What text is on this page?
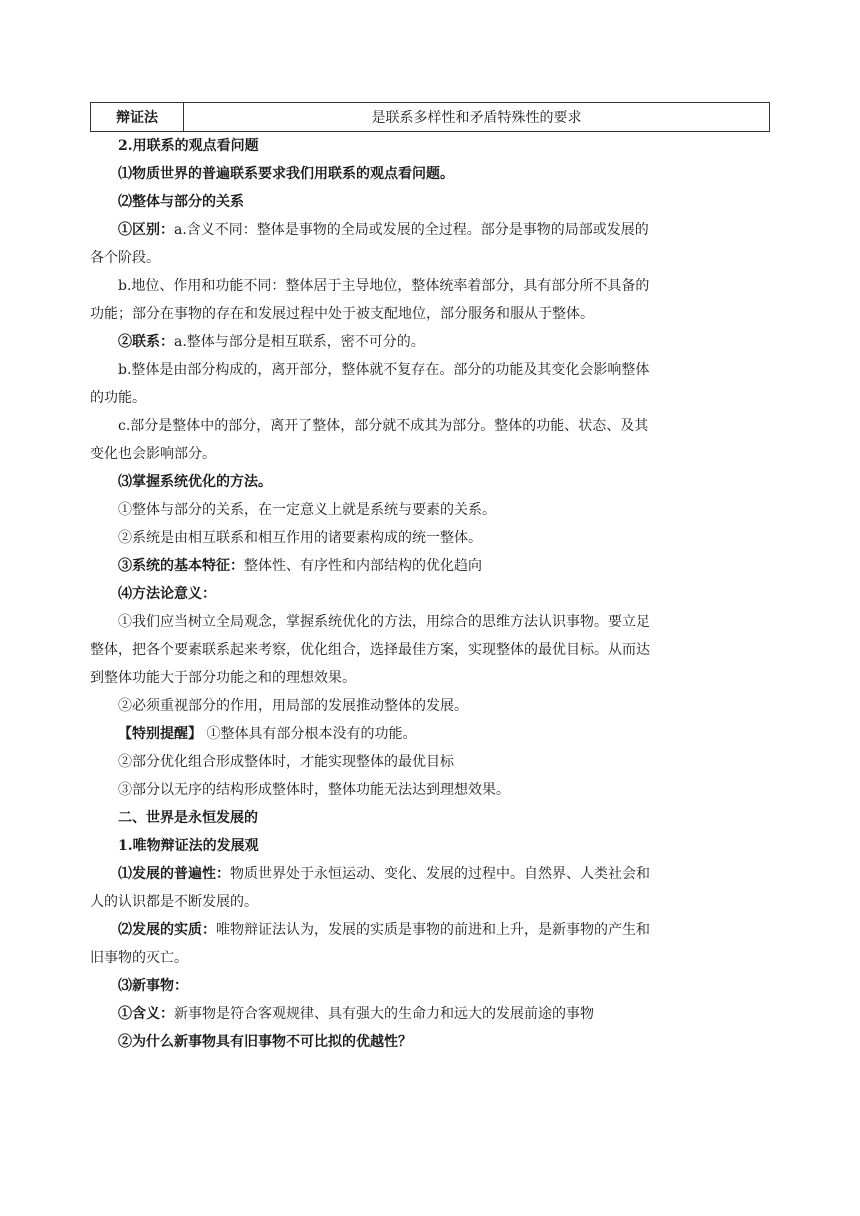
辩证法	是联系多样性和矛盾特殊性的要求
2.用联系的观点看问题
⑴物质世界的普遍联系要求我们用联系的观点看问题。
⑵整体与部分的关系
①区别：a.含义不同：整体是事物的全局或发展的全过程。部分是事物的局部或发展的
各个阶段。
b.地位、作用和功能不同：整体居于主导地位，整体统率着部分，具有部分所不具备的
功能；部分在事物的存在和发展过程中处于被支配地位，部分服务和服从于整体。
②联系：a.整体与部分是相互联系，密不可分的。
b.整体是由部分构成的，离开部分，整体就不复存在。部分的功能及其变化会影响整体
的功能。
c.部分是整体中的部分，离开了整体，部分就不成其为部分。整体的功能、状态、及其
变化也会影响部分。
⑶掌握系统优化的方法。
①整体与部分的关系，在一定意义上就是系统与要素的关系。
②系统是由相互联系和相互作用的诸要素构成的统一整体。
③系统的基本特征：整体性、有序性和内部结构的优化趋向
⑷方法论意义：
①我们应当树立全局观念，掌握系统优化的方法，用综合的思维方法认识事物。要立足
整体，把各个要素联系起来考察，优化组合，选择最佳方案，实现整体的最优目标。从而达
到整体功能大于部分功能之和的理想效果。
②必须重视部分的作用，用局部的发展推动整体的发展。
【特别提醒】 ①整体具有部分根本没有的功能。
②部分优化组合形成整体时，才能实现整体的最优目标
③部分以无序的结构形成整体时，整体功能无法达到理想效果。
二、世界是永恒发展的
1.唯物辩证法的发展观
⑴发展的普遍性：物质世界处于永恒运动、变化、发展的过程中。自然界、人类社会和
人的认识都是不断发展的。
⑵发展的实质：唯物辩证法认为，发展的实质是事物的前进和上升，是新事物的产生和
旧事物的灭亡。
⑶新事物：
①含义：新事物是符合客观规律、具有强大的生命力和远大的发展前途的事物
②为什么新事物具有旧事物不可比拟的优越性？
